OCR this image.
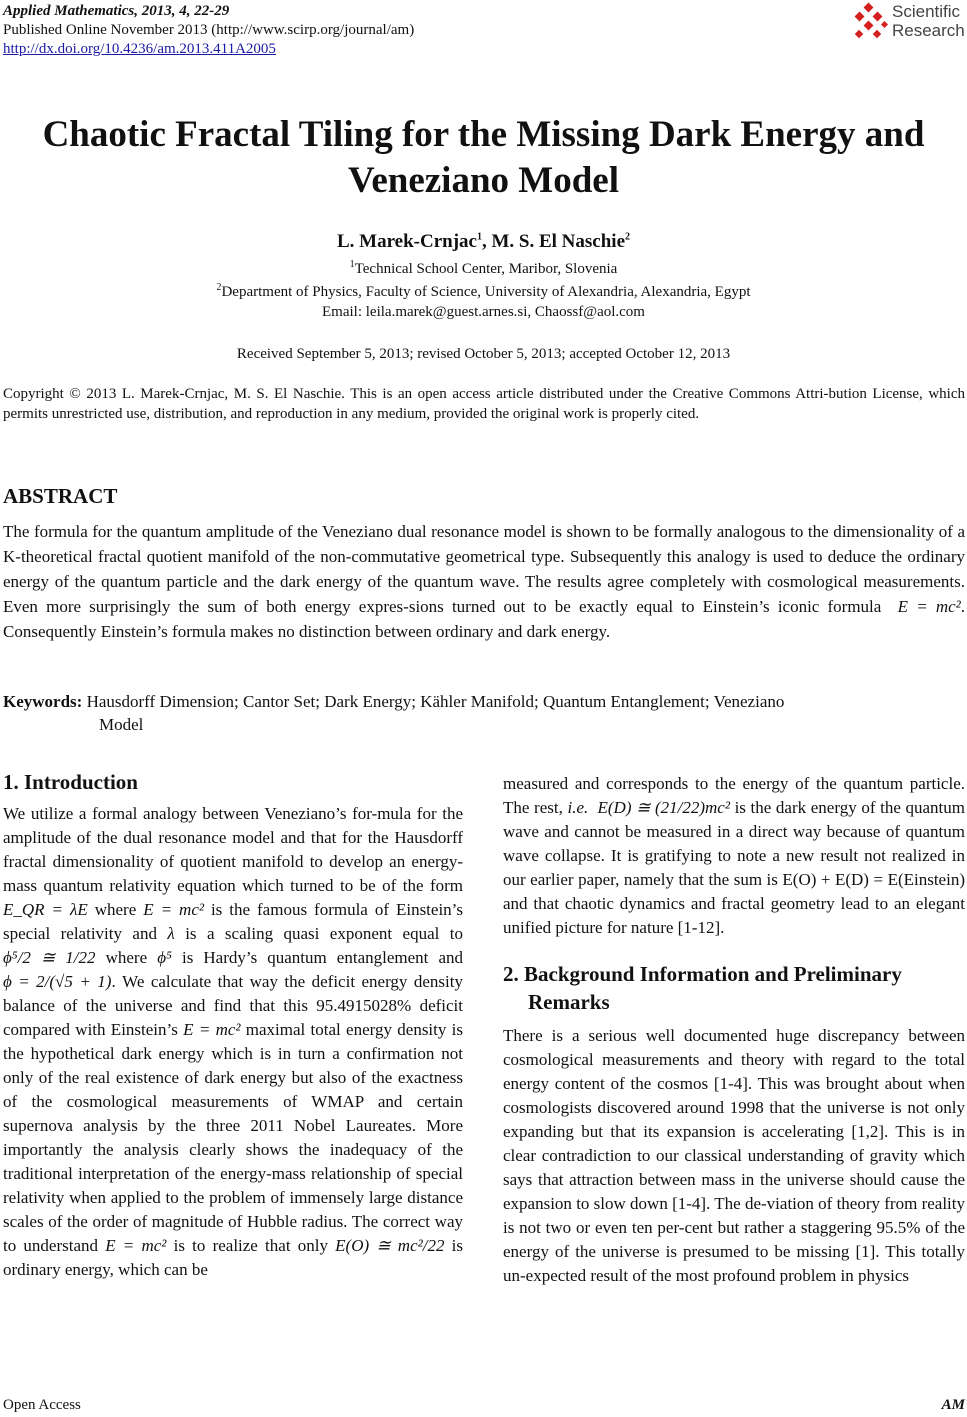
Applied Mathematics, 2013, 4, 22-29
Published Online November 2013 (http://www.scirp.org/journal/am)
http://dx.doi.org/10.4236/am.2013.411A2005
Scientific
Research
Chaotic Fractal Tiling for the Missing Dark Energy and
Veneziano Model
L. Marek-Crnjac$^1$, M. S. El Naschie$^2$
$^1$Technical School Center, Maribor, Slovenia
$^2$Department of Physics, Faculty of Science, University of Alexandria, Alexandria, Egypt
Email: leila.marek@guest.arnes.si, Chaossf@aol.com
Received September 5, 2013; revised October 5, 2013; accepted October 12, 2013
Copyright © 2013 L. Marek-Crnjac, M. S. El Naschie. This is an open access article distributed under the Creative Commons Attri-bution License, which permits unrestricted use, distribution, and reproduction in any medium, provided the original work is properly cited.
ABSTRACT
The formula for the quantum amplitude of the Veneziano dual resonance model is shown to be formally analogous to the dimensionality of a K-theoretical fractal quotient manifold of the non-commutative geometrical type. Subsequently this analogy is used to deduce the ordinary energy of the quantum particle and the dark energy of the quantum wave. The results agree completely with cosmological measurements. Even more surprisingly the sum of both energy expres-sions turned out to be exactly equal to Einstein’s iconic formula E = mc². Consequently Einstein’s formula makes no distinction between ordinary and dark energy.
Keywords: Hausdorff Dimension; Cantor Set; Dark Energy; Kähler Manifold; Quantum Entanglement; Veneziano
Model
1. Introduction
We utilize a formal analogy between Veneziano’s for-mula for the amplitude of the dual resonance model and that for the Hausdorff fractal dimensionality of quotient manifold to develop an energy-mass quantum relativity equation which turned to be of the form E_QR = λE where E = mc² is the famous formula of Einstein’s special relativity and λ is a scaling quasi exponent equal to ϕ⁵/2 ≅ 1/22 where ϕ⁵ is Hardy’s quantum entanglement and ϕ = 2/(√5 + 1). We calculate that way the deficit energy density balance of the universe and find that this 95.4915028% deficit compared with Einstein’s E = mc² maximal total energy density is the hypothetical dark energy which is in turn a confirmation not only of the real existence of dark energy but also of the exactness of the cosmological measurements of WMAP and certain supernova analysis by the three 2011 Nobel Laureates. More importantly the analysis clearly shows the inadequacy of the traditional interpretation of the energy-mass relationship of special relativity when applied to the problem of immensely large distance scales of the order of magnitude of Hubble radius. The correct way to understand E = mc² is to realize that only E(O) ≅ mc²/22 is ordinary energy, which can be
measured and corresponds to the energy of the quantum particle. The rest, i.e. E(D) ≅ (21/22)mc² is the dark energy of the quantum wave and cannot be measured in a direct way because of quantum wave collapse. It is gratifying to note a new result not realized in our earlier paper, namely that the sum is E(O) + E(D) = E(Einstein) and that chaotic dynamics and fractal geometry lead to an elegant unified picture for nature [1-12].
2. Background Information and Preliminary
Remarks
There is a serious well documented huge discrepancy between cosmological measurements and theory with regard to the total energy content of the cosmos [1-4]. This was brought about when cosmologists discovered around 1998 that the universe is not only expanding but that its expansion is accelerating [1,2]. This is in clear contradiction to our classical understanding of gravity which says that attraction between mass in the universe should cause the expansion to slow down [1-4]. The de-viation of theory from reality is not two or even ten per-cent but rather a staggering 95.5% of the energy of the universe is presumed to be missing [1]. This totally un-expected result of the most profound problem in physics
Open Access	AM
